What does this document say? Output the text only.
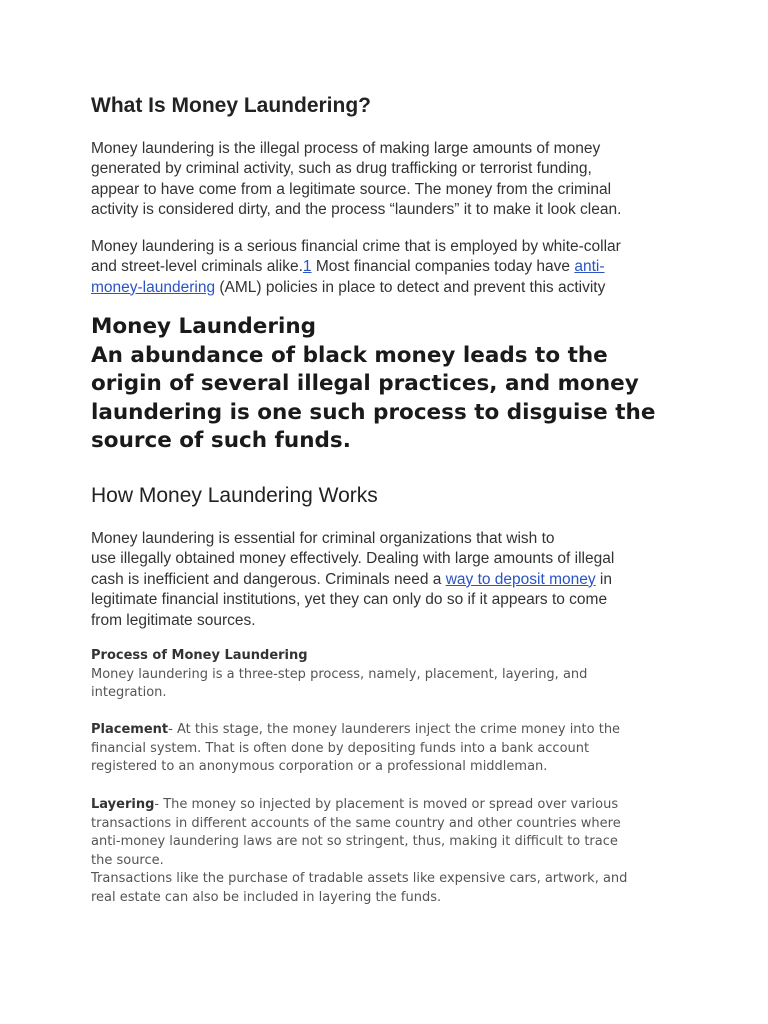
What Is Money Laundering?

Money laundering is the illegal process of making large amounts of money
generated by criminal activity, such as drug trafficking or terrorist funding,
appear to have come from a legitimate source. The money from the criminal
activity is considered dirty, and the process “launders” it to make it look clean.

Money laundering is a serious financial crime that is employed by white-collar
and street-level criminals alike.1 Most financial companies today have anti-
money-laundering (AML) policies in place to detect and prevent this activity

Money Laundering
An abundance of black money leads to the
origin of several illegal practices, and money
laundering is one such process to disguise the
source of such funds.
How Money Laundering Works

Money laundering is essential for criminal organizations that wish to
use illegally obtained money effectively. Dealing with large amounts of illegal
cash is inefficient and dangerous. Criminals need a way to deposit money in
legitimate financial institutions, yet they can only do so if it appears to come
from legitimate sources.

Process of Money Laundering
Money laundering is a three-step process, namely, placement, layering, and
integration.
Placement- At this stage, the money launderers inject the crime money into the
financial system. That is often done by depositing funds into a bank account
registered to an anonymous corporation or a professional middleman.
Layering- The money so injected by placement is moved or spread over various
transactions in different accounts of the same country and other countries where
anti-money laundering laws are not so stringent, thus, making it difficult to trace
the source.
Transactions like the purchase of tradable assets like expensive cars, artwork, and
real estate can also be included in layering the funds.
